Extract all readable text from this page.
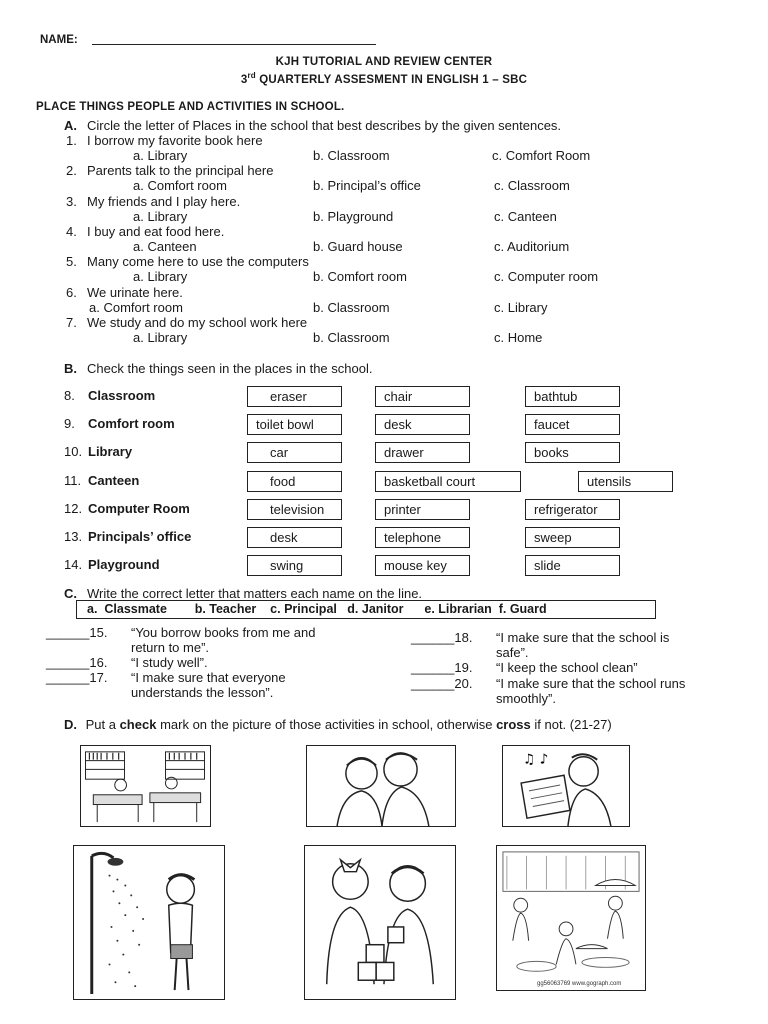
NAME:
KJH TUTORIAL AND REVIEW CENTER
3rd QUARTERLY ASSESMENT IN ENGLISH 1 – SBC
PLACE THINGS PEOPLE AND ACTIVITIES IN SCHOOL.
A. Circle the letter of Places in the school that best describes by the given sentences.
1. I borrow my favorite book here
a. Library	b. Classroom	c. Comfort Room
2. Parents talk to the principal here
a. Comfort room	b. Principal’s office	c. Classroom
3. My friends and I play here.
a. Library	b. Playground	c. Canteen
4. I buy and eat food here.
a. Canteen	b. Guard house	c. Auditorium
5. Many come here to use the computers
a. Library	b. Comfort room	c. Computer room
6. We urinate here.
a. Comfort room	b. Classroom	c. Library
7. We study and do my school work here
a. Library	b. Classroom	c. Home
B. Check the things seen in the places in the school.
8. Classroom	eraser	chair	bathtub
9. Comfort room	toilet bowl	desk	faucet
10. Library	car	drawer	books
11. Canteen	food	basketball court	utensils
12. Computer Room	television	printer	refrigerator
13. Principals’ office	desk	telephone	sweep
14. Playground	swing	mouse key	slide
C. Write the correct letter that matters each name on the line.
a.  Classmate        b. Teacher    c. Principal   d. Janitor      e. Librarian  f. Guard
______15. “You borrow books from me and
return to me”.
______16. “I study well”.
______17. “I make sure that everyone
understands the lesson”.
______18. “I make sure that the school is
safe”.
______19. “I keep the school clean”
______20. “I make sure that the school runs
smoothly”.
D. Put a check mark on the picture of those activities in school, otherwise cross if not. (21-27)
♫ ♪
gg56063769 www.gograph.com
